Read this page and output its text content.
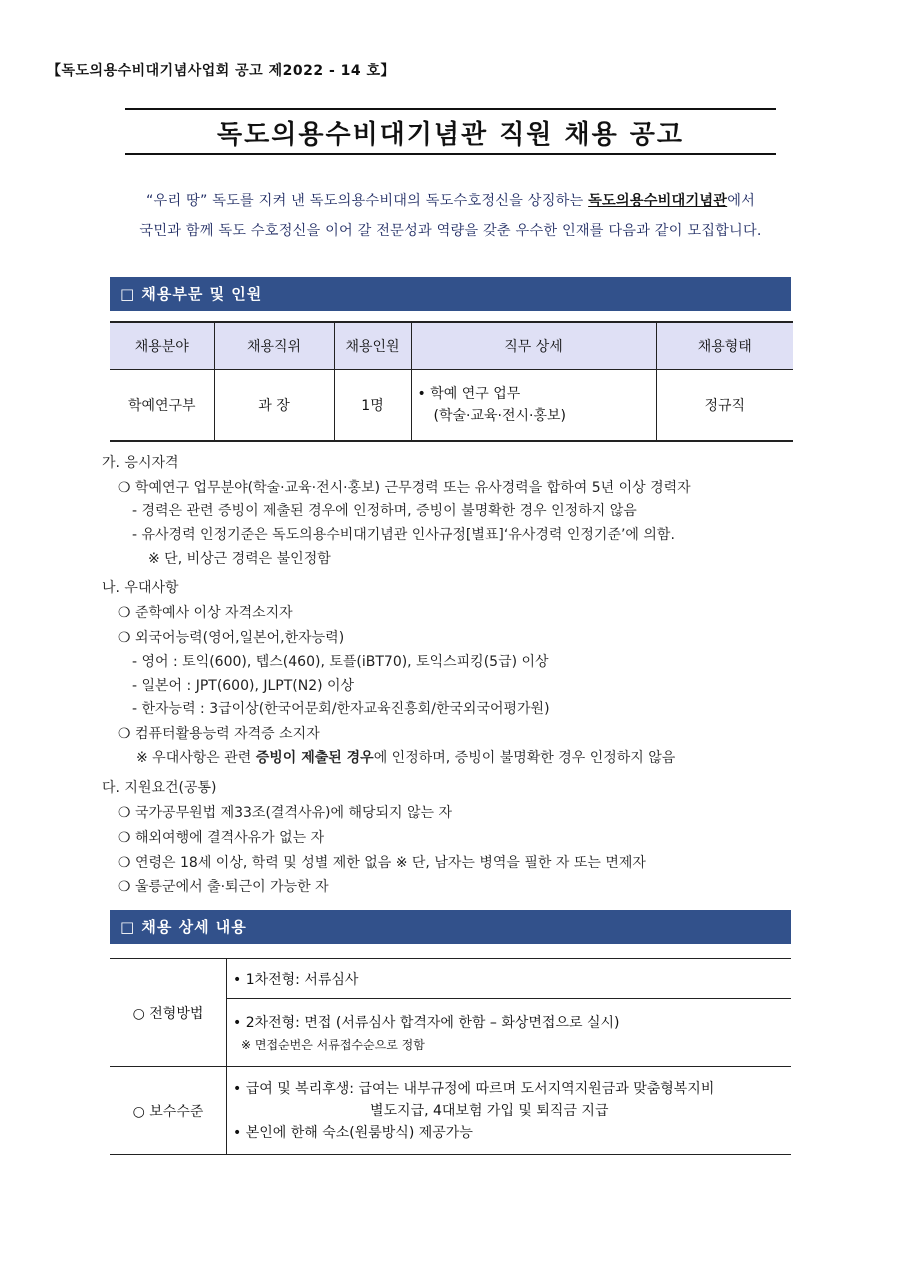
【독도의용수비대기념사업회 공고 제2022 - 14 호】
독도의용수비대기념관 직원 채용 공고
“우리 땅” 독도를 지켜 낸 독도의용수비대의 독도수호정신을 상징하는 독도의용수비대기념관에서
국민과 함께 독도 수호정신을 이어 갈 전문성과 역량을 갖춘 우수한 인재를 다음과 같이 모집합니다.
□ 채용부문 및 인원
채용분야	채용직위	채용인원	직무 상세	채용형태
학예연구부	과 장	1명	• 학예 연구 업무
(학술·교육·전시·홍보)	정규직
가. 응시자격
❍ 학예연구 업무분야(학술·교육·전시·홍보) 근무경력 또는 유사경력을 합하여 5년 이상 경력자
- 경력은 관련 증빙이 제출된 경우에 인정하며, 증빙이 불명확한 경우 인정하지 않음
- 유사경력 인정기준은 독도의용수비대기념관 인사규정[별표]‘유사경력 인정기준’에 의함.
※ 단, 비상근 경력은 불인정함
나. 우대사항
❍ 준학예사 이상 자격소지자
❍ 외국어능력(영어,일본어,한자능력)
- 영어 : 토익(600), 텝스(460), 토플(iBT70), 토익스피킹(5급) 이상
- 일본어 : JPT(600), JLPT(N2) 이상
- 한자능력 : 3급이상(한국어문회/한자교육진흥회/한국외국어평가원)
❍ 컴퓨터활용능력 자격증 소지자
※ 우대사항은 관련 증빙이 제출된 경우에 인정하며, 증빙이 불명확한 경우 인정하지 않음
다. 지원요건(공통)
❍ 국가공무원법 제33조(결격사유)에 해당되지 않는 자
❍ 해외여행에 결격사유가 없는 자
❍ 연령은 18세 이상, 학력 및 성별 제한 없음 ※ 단, 남자는 병역을 필한 자 또는 면제자
❍ 울릉군에서 출·퇴근이 가능한 자
□ 채용 상세 내용
○ 전형방법	• 1차전형: 서류심사
	• 2차전형: 면접 (서류심사 합격자에 한함 – 화상면접으로 실시)
※ 면접순번은 서류접수순으로 정함

○ 보수수준	• 급여 및 복리후생: 급여는 내부규정에 따르며 도서지역지원금과 맞춤형복지비
별도지급, 4대보험 가입 및 퇴직금 지급
• 본인에 한해 숙소(원룸방식) 제공가능
